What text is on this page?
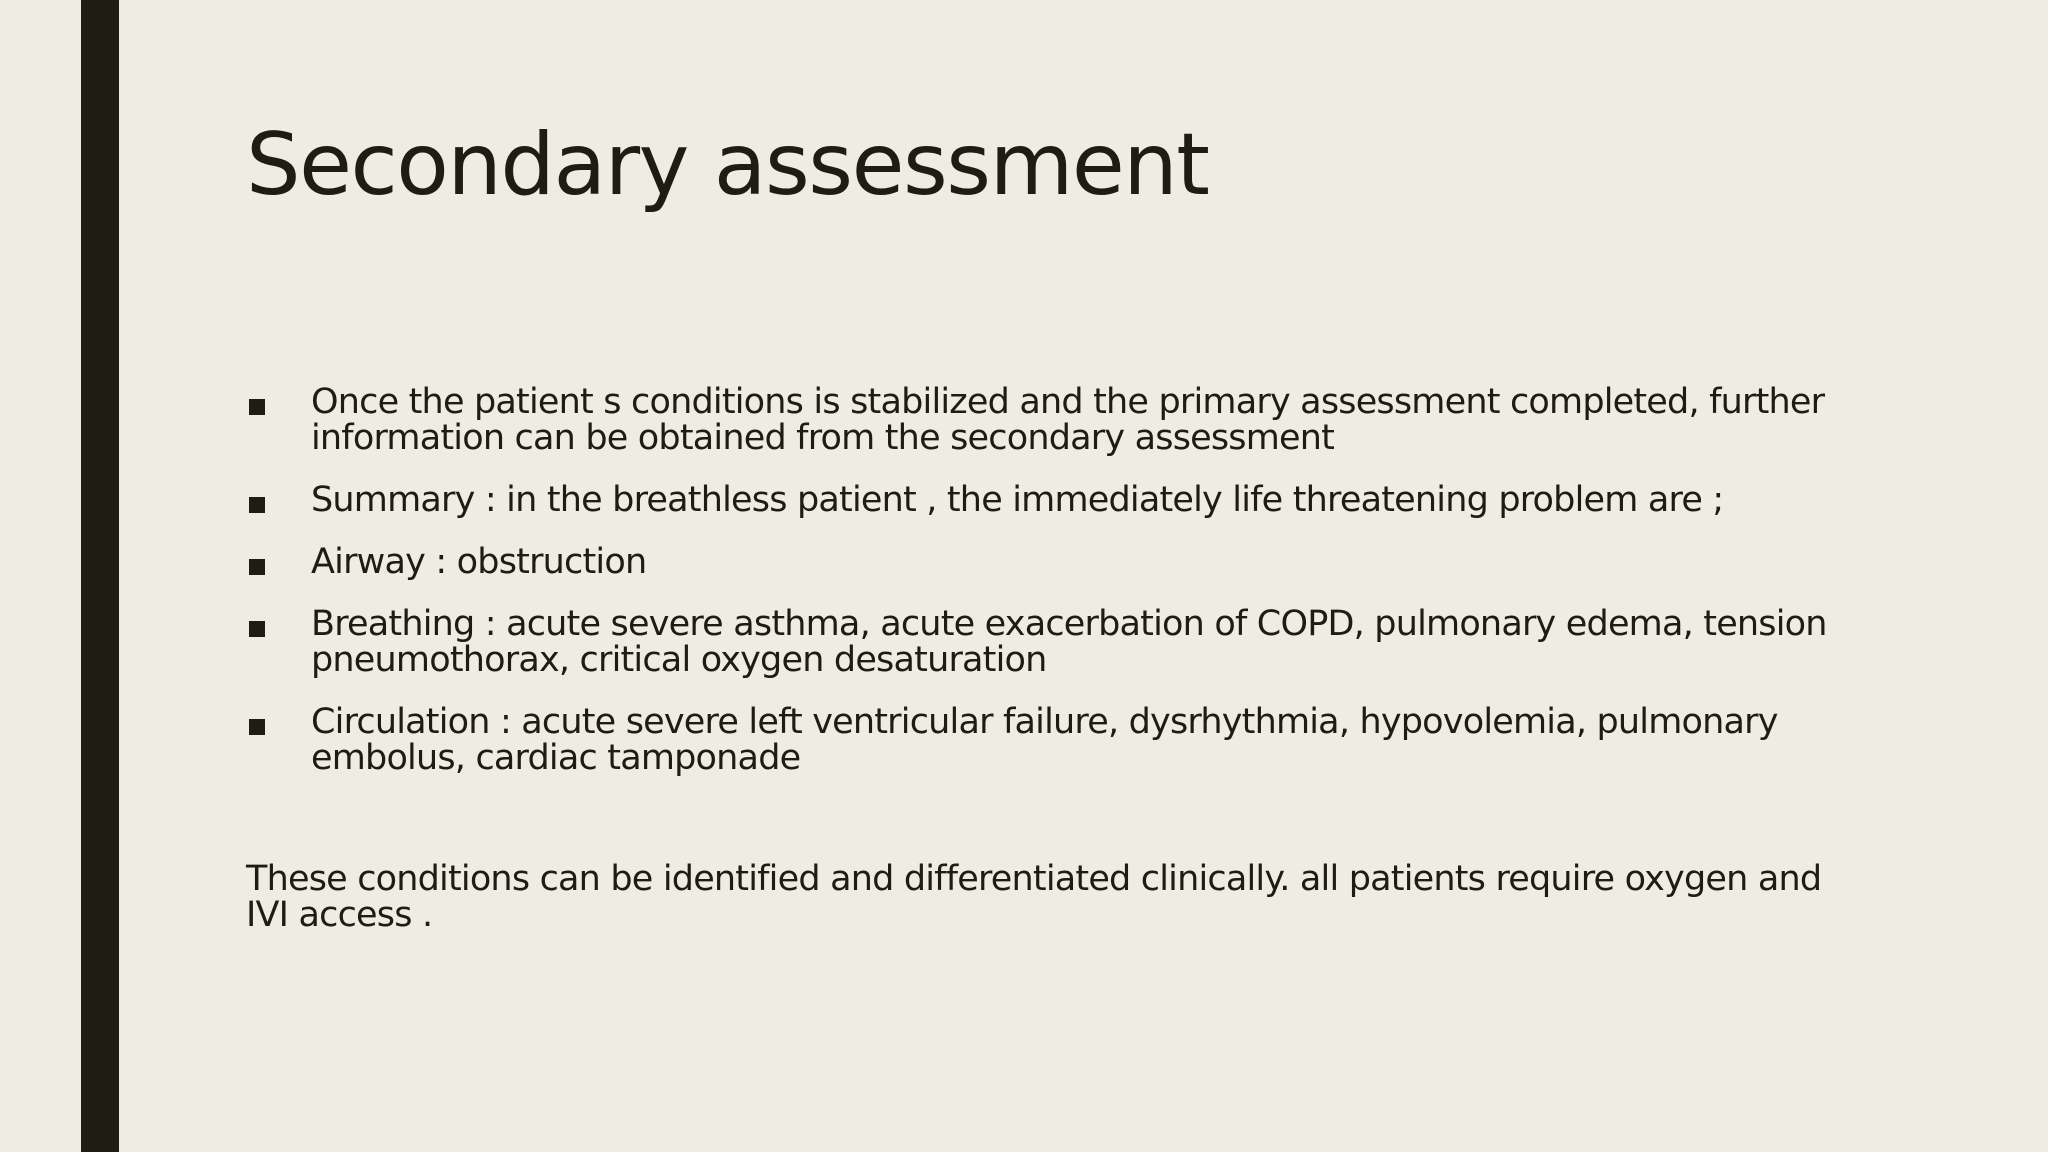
Secondary assessment
Once the patient s conditions is stabilized and the primary assessment completed, further information can be obtained from the secondary assessment
Summary : in the breathless patient , the immediately life threatening problem are ;
Airway : obstruction
Breathing : acute severe asthma, acute exacerbation of COPD, pulmonary edema, tension pneumothorax, critical oxygen desaturation
Circulation : acute severe left ventricular failure, dysrhythmia, hypovolemia, pulmonary embolus, cardiac tamponade

These conditions can be identified and differentiated clinically. all patients require oxygen and IVI access .
